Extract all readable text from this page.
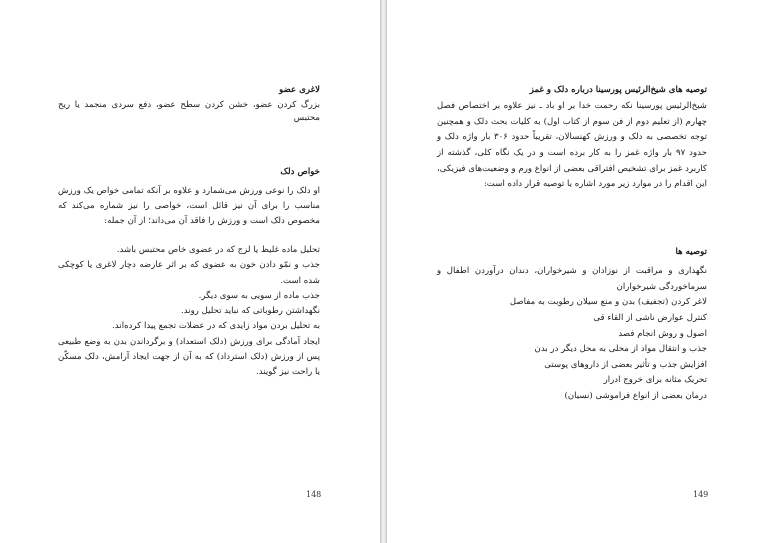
لاغری عضو

بزرگ کردن عضو، خشن کردن سطح عضو، دفع سردی منجمد یا ریح محتبس

خواص دلک

او دلک را نوعی ورزش می‌شمارد و علاوه بر آنکه تمامی خواص یک ورزش مناسب را برای آن نیز قائل است، خواصی را نیز شماره می‌کند که مخصوص دلک است و ورزش را فاقد آن می‌داند؛ از آن جمله:

تحلیل ماده غلیظ یا لزج که در عضوی خاص محتبس باشد.

جذب و نمّو دادن خون به عضوی که بر اثر عارضه دچار لاغری یا کوچکی شده است.

جذب ماده از سویی به سوی دیگر.

نگهداشتن رطوباتی که نباید تحلیل روند.

به تحلیل بردن مواد زایدی که در عضلات تجمع پیدا کرده‌اند.

ایجاد آمادگی برای ورزش (دلک استعداد) و برگرداندن بدن به وضع طبیعی پس از ورزش (دلک استرداد) که به آن از جهت ایجاد آرامش، دلک مسکّن یا راحت نیز گویند.

148

توصیه های شیخ‌الرئیس پورسینا درباره دلک و غمز

شیخ‌الرئیس پورسینا نکه رحمت خدا بر او باد ـ نیز علاوه بر اختصاص فصل چهارم (از تعلیم دوم از فن سوم از کتاب اول) به کلیات بحث دلک و همچنین توجه تخصصی به دلک و ورزش کهنسالان، تقریباً حدود ۳۰۶ بار واژه دلک و حدود ۹۷ بار واژه غمز را به کار برده است و در یک نگاه کلی، گذشته از کاربرد غمز برای تشخیص افتراقی بعضی از انواع ورم و وضعیت‌های فیزیکی، این اقدام را در موارد زیر مورد اشاره یا توصیه قرار داده است:

توصیه ها

نگهداری و مراقبت از نوزادان و شیرخواران، دندان درآوردن اطفال و سرماخوردگی شیرخواران

لاغر کردن (تجفیف) بدن و منع سیلان رطوبت به مفاصل

کنترل عوارض ناشی از القاء قی

اصول و روش انجام فصد

جذب و انتقال مواد از محلی به محل دیگر در بدن

افزایش جذب و تأثیر بعضی از داروهای پوستی

تحریک مثانه برای خروج ادرار

درمان بعضی از انواع فراموشی (نسیان)

149
